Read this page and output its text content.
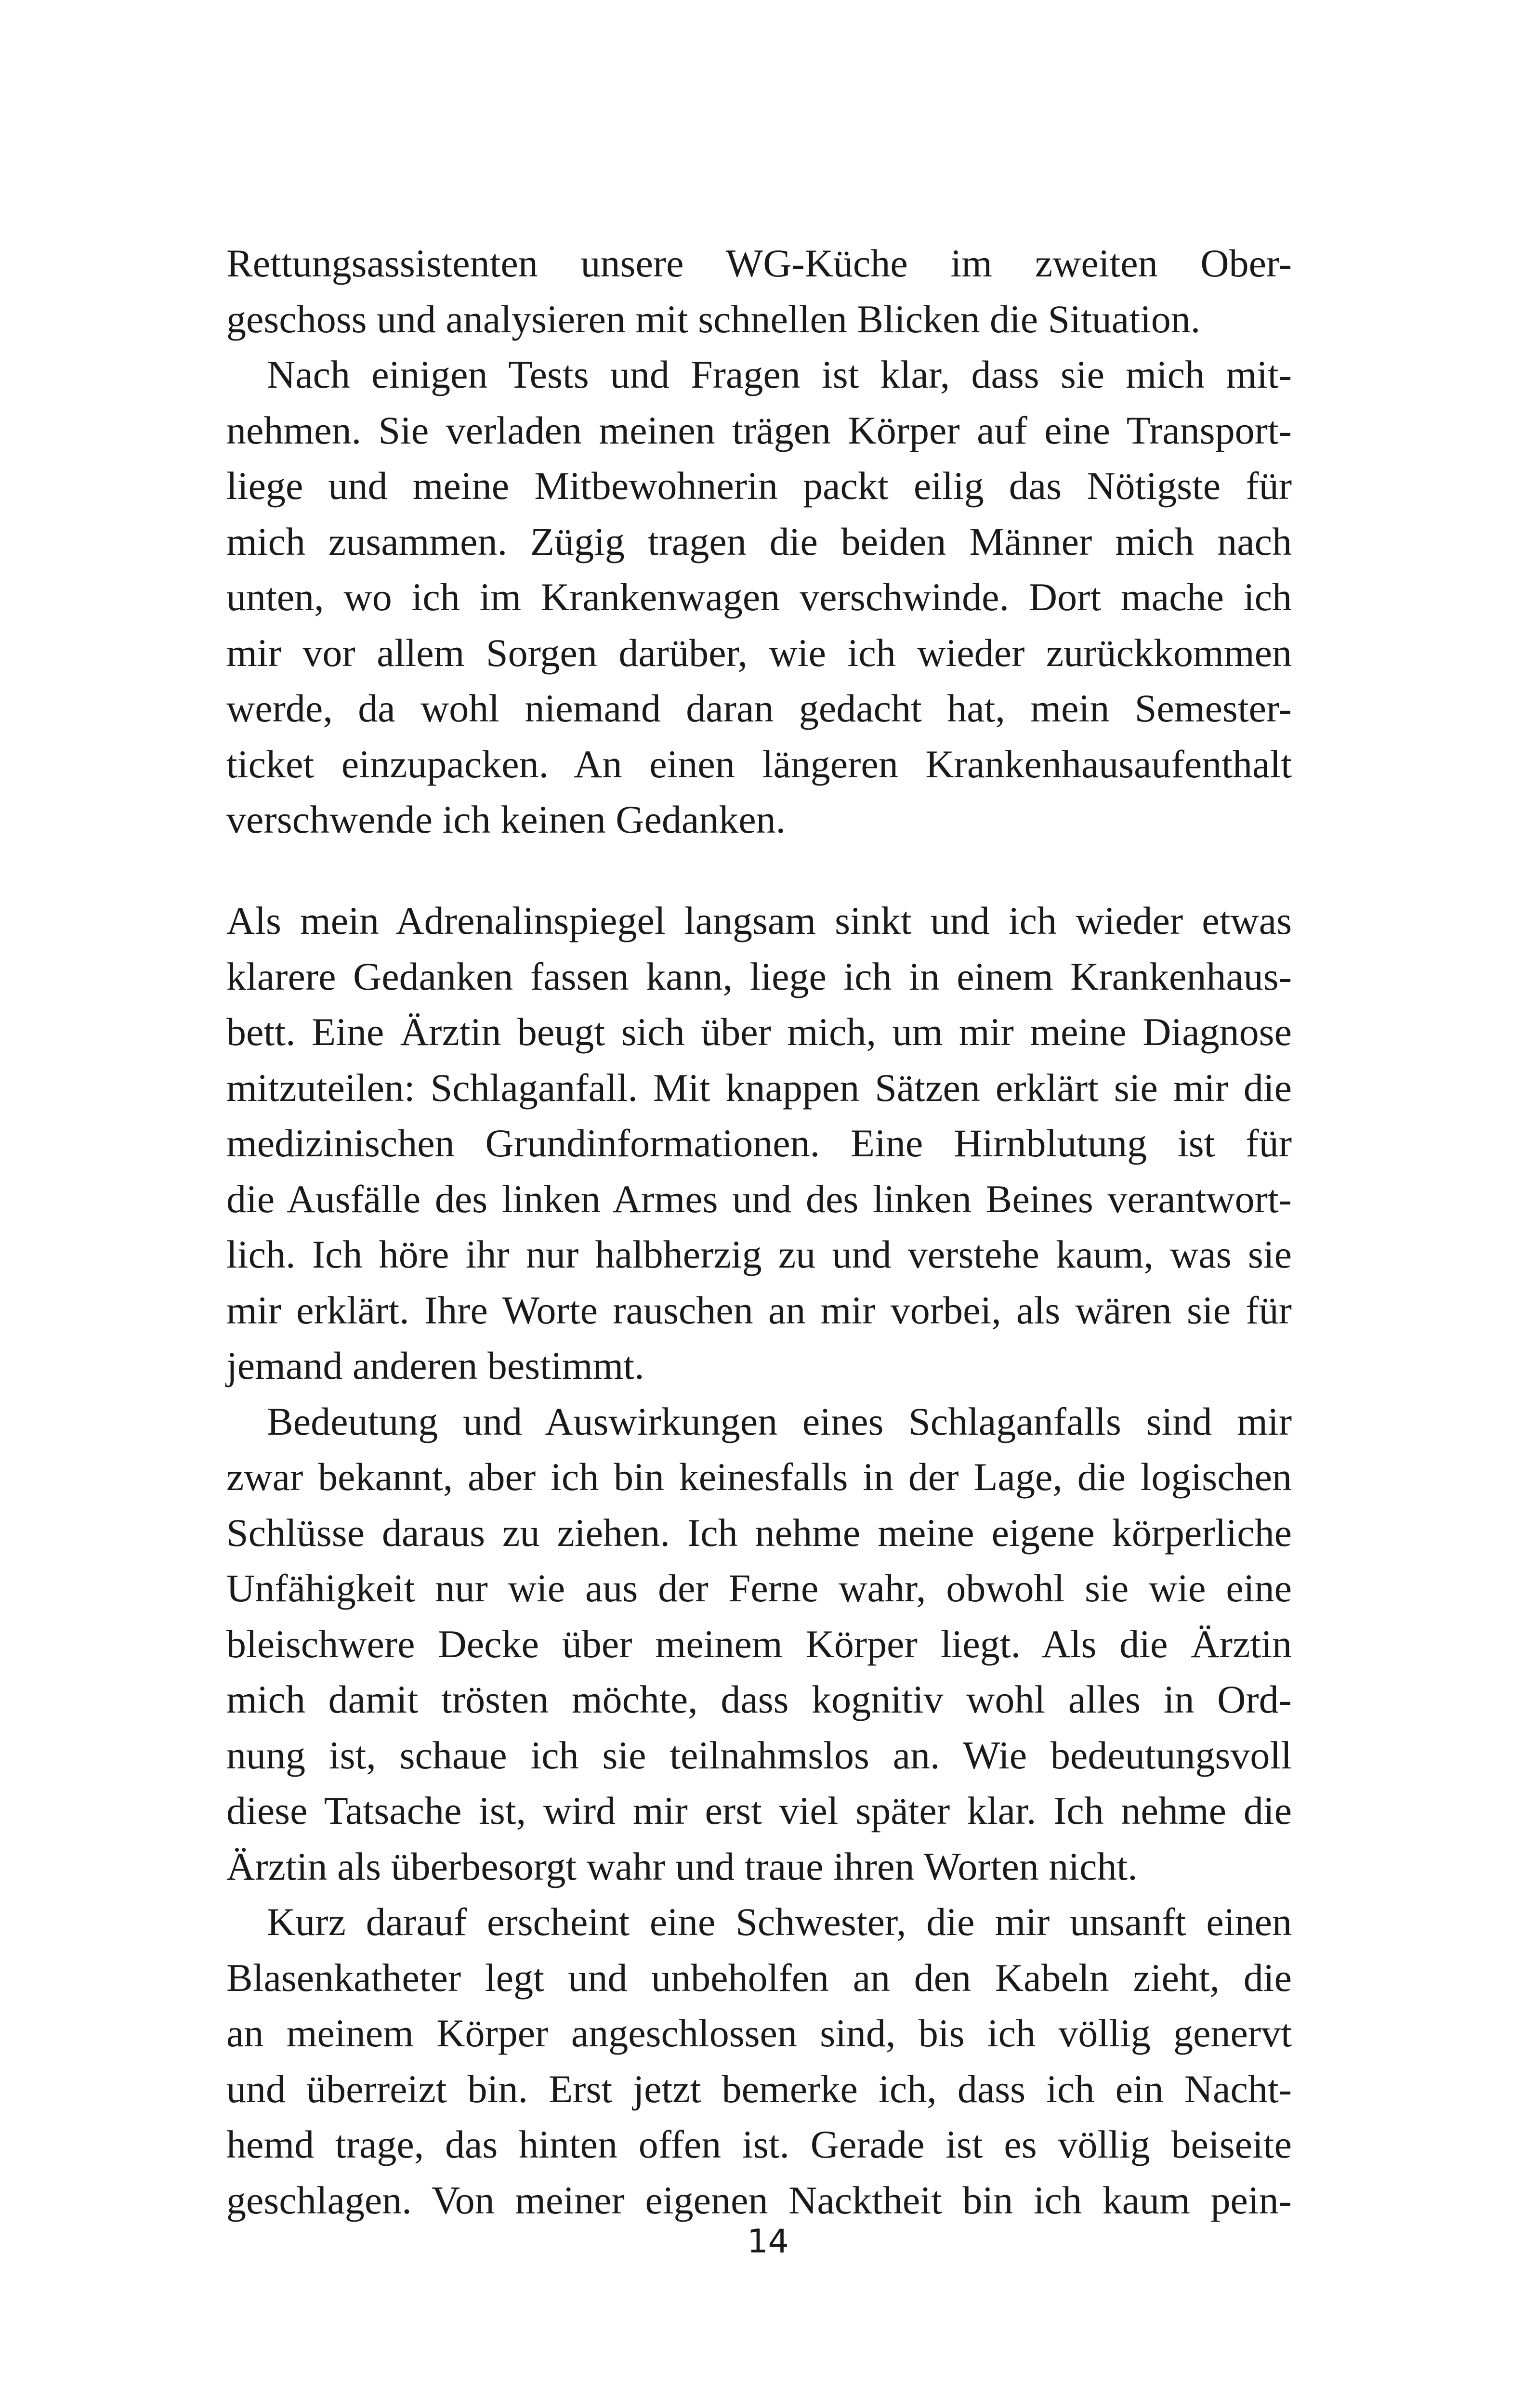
Rettungsassistenten unsere WG-Küche im zweiten Ober-
geschoss und analysieren mit schnellen Blicken die Situation.
Nach einigen Tests und Fragen ist klar, dass sie mich mit-
nehmen. Sie verladen meinen trägen Körper auf eine Transport-
liege und meine Mitbewohnerin packt eilig das Nötigste für
mich zusammen. Zügig tragen die beiden Männer mich nach
unten, wo ich im Krankenwagen verschwinde. Dort mache ich
mir vor allem Sorgen darüber, wie ich wieder zurückkommen
werde, da wohl niemand daran gedacht hat, mein Semester-
ticket einzupacken. An einen längeren Krankenhausaufenthalt
verschwende ich keinen Gedanken.
Als mein Adrenalinspiegel langsam sinkt und ich wieder etwas
klarere Gedanken fassen kann, liege ich in einem Krankenhaus-
bett. Eine Ärztin beugt sich über mich, um mir meine Diagnose
mitzuteilen: Schlaganfall. Mit knappen Sätzen erklärt sie mir die
medizinischen Grundinformationen. Eine Hirnblutung ist für
die Ausfälle des linken Armes und des linken Beines verantwort-
lich. Ich höre ihr nur halbherzig zu und verstehe kaum, was sie
mir erklärt. Ihre Worte rauschen an mir vorbei, als wären sie für
jemand anderen bestimmt.
Bedeutung und Auswirkungen eines Schlaganfalls sind mir
zwar bekannt, aber ich bin keinesfalls in der Lage, die logischen
Schlüsse daraus zu ziehen. Ich nehme meine eigene körperliche
Unfähigkeit nur wie aus der Ferne wahr, obwohl sie wie eine
bleischwere Decke über meinem Körper liegt. Als die Ärztin
mich damit trösten möchte, dass kognitiv wohl alles in Ord-
nung ist, schaue ich sie teilnahmslos an. Wie bedeutungsvoll
diese Tatsache ist, wird mir erst viel später klar. Ich nehme die
Ärztin als überbesorgt wahr und traue ihren Worten nicht.
Kurz darauf erscheint eine Schwester, die mir unsanft einen
Blasenkatheter legt und unbeholfen an den Kabeln zieht, die
an meinem Körper angeschlossen sind, bis ich völlig genervt
und überreizt bin. Erst jetzt bemerke ich, dass ich ein Nacht-
hemd trage, das hinten offen ist. Gerade ist es völlig beiseite
geschlagen. Von meiner eigenen Nacktheit bin ich kaum pein-
14
